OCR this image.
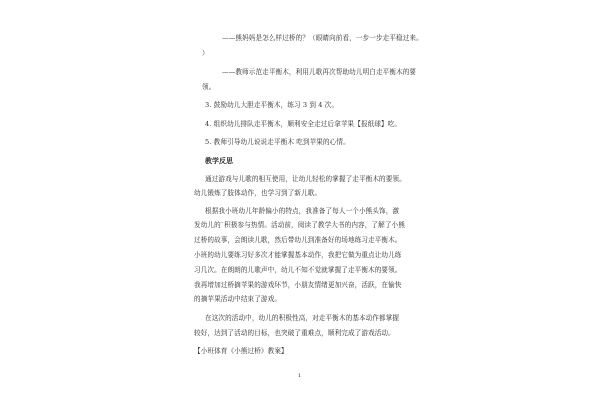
——熊妈妈是怎么样过桥的？（眼睛向前看，一步一步走平稳过来。
）
——教师示范走平衡木，利用儿歌再次帮助幼儿明白走平衡木的要
领。
3. 鼓励幼儿大胆走平衡木，练习 3 到 4 次。
4. 组织幼儿排队走平衡木，顺利安全走过后拿苹果【报纸球】吃。
5. 教师引导幼儿说说走平衡木 吃到苹果的心情。
教学反思
通过游戏与儿歌的相互使用，让幼儿轻松的掌握了走平衡木的要领。
幼儿锻炼了肢体动作，也学习到了新儿歌。
根据我小班幼儿年龄偏小的特点，我准备了每人一个小熊头饰，激
发幼儿的`积极参与热情。活动前，阅读了教学大书的内容，了解了小熊
过桥的故事，会朗读儿歌，然后带幼儿到准备好的场地练习走平衡木。
小班的幼儿要练习好多次才能掌握基本动作，我把它做为重点让幼儿练
习几次。在朗朗的儿歌声中，幼儿不知不觉就掌握了走平衡木的要领。
我再增加过桥摘苹果的游戏环节，小朋友情绪更加兴奋，活跃，在愉快
的摘苹果活动中结束了游戏。
在这次的活动中，幼儿的积极性高，对走平衡木的基本动作都掌握
较好，达到了活动的目标，也突破了重难点，顺利完成了游戏活动。
【小班体育《小熊过桥》教案】
1
